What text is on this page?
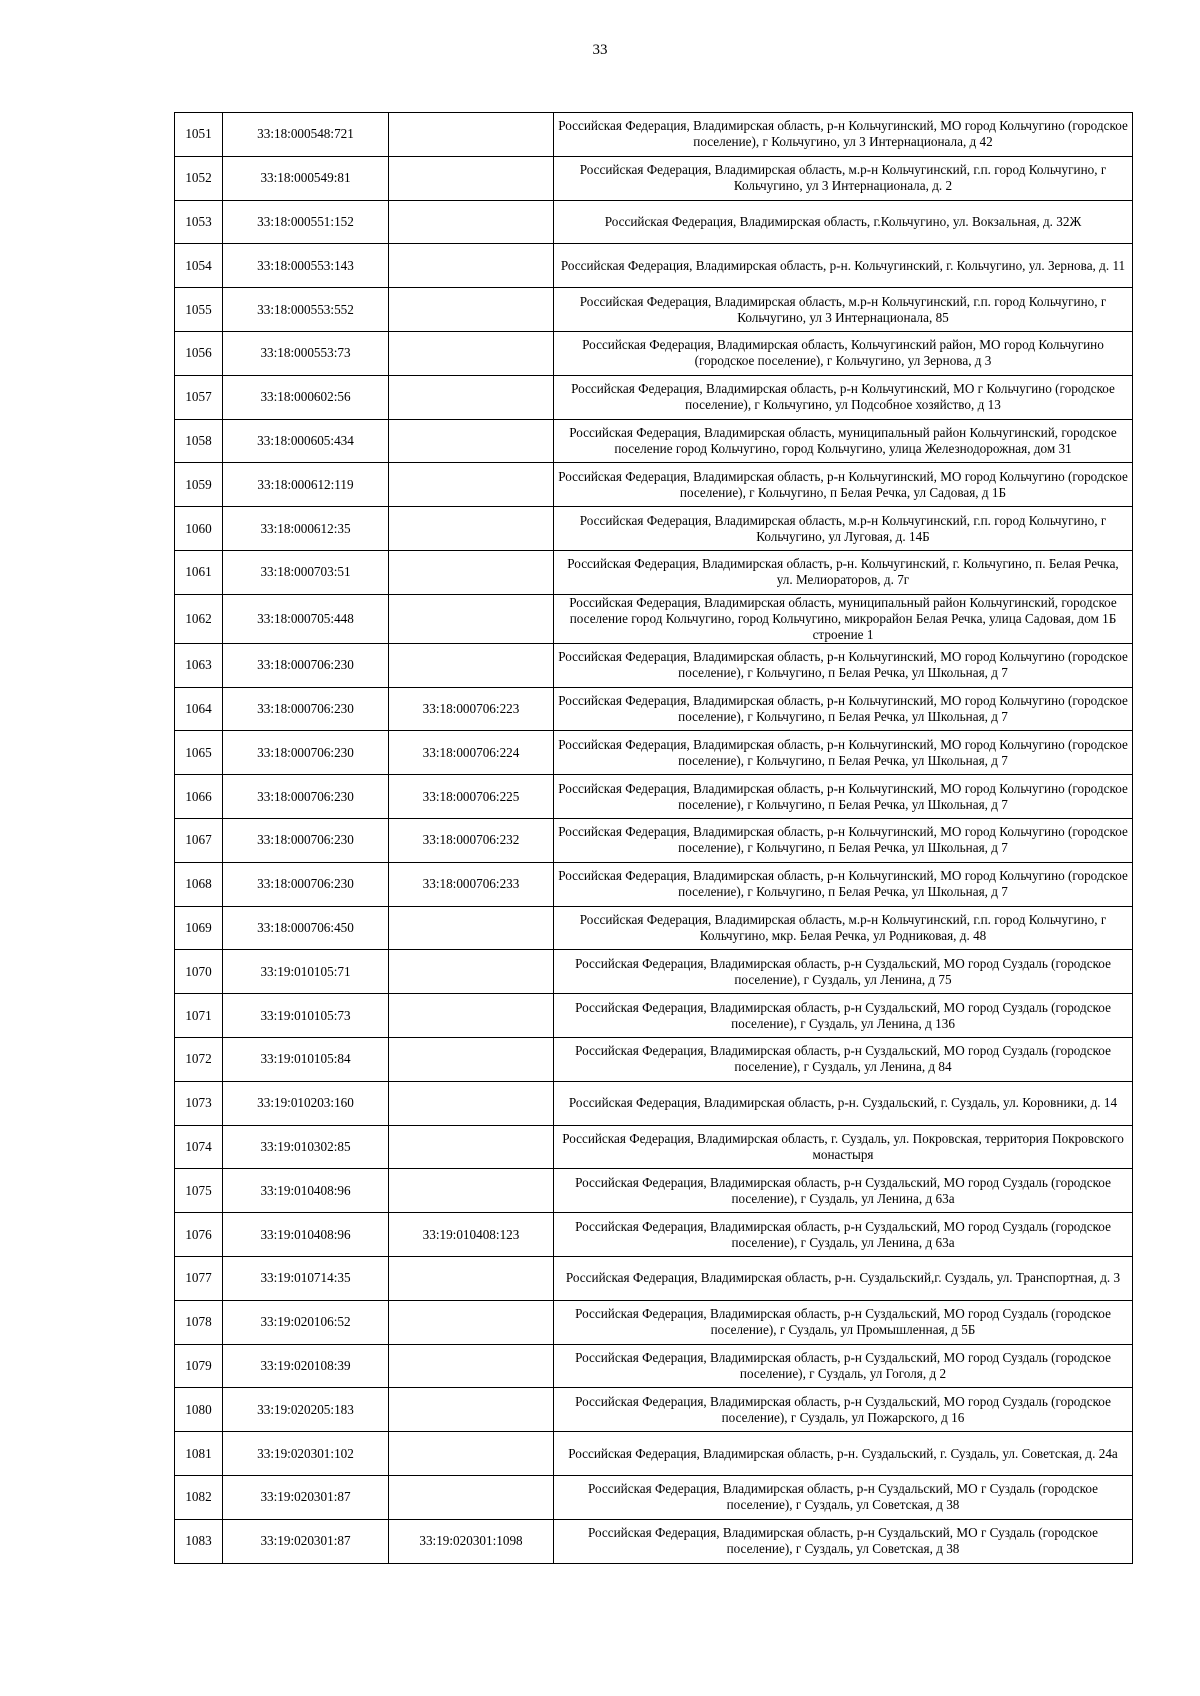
33
1051	33:18:000548:721		Российская Федерация, Владимирская область, р-н Кольчугинский, МО город Кольчугино (городское поселение), г Кольчугино, ул 3 Интернационала, д 42
1052	33:18:000549:81		Российская Федерация, Владимирская область, м.р-н Кольчугинский, г.п. город Кольчугино, г Кольчугино, ул 3 Интернационала, д. 2
1053	33:18:000551:152		Российская Федерация, Владимирская область, г.Кольчугино, ул. Вокзальная, д. 32Ж
1054	33:18:000553:143		Российская Федерация, Владимирская область, р-н. Кольчугинский, г. Кольчугино, ул. Зернова, д. 11
1055	33:18:000553:552		Российская Федерация, Владимирская область, м.р-н Кольчугинский, г.п. город Кольчугино, г Кольчугино, ул 3 Интернационала, 85
1056	33:18:000553:73		Российская Федерация, Владимирская область, Кольчугинский район, МО город Кольчугино (городское поселение), г Кольчугино, ул Зернова, д 3
1057	33:18:000602:56		Российская Федерация, Владимирская область, р-н Кольчугинский, МО г Кольчугино (городское поселение), г Кольчугино, ул Подсобное хозяйство, д 13
1058	33:18:000605:434		Российская Федерация, Владимирская область, муниципальный район Кольчугинский, городское поселение город Кольчугино, город Кольчугино, улица Железнодорожная, дом 31
1059	33:18:000612:119		Российская Федерация, Владимирская область, р-н Кольчугинский, МО город Кольчугино (городское поселение), г Кольчугино, п Белая Речка, ул Садовая, д 1Б
1060	33:18:000612:35		Российская Федерация, Владимирская область, м.р-н Кольчугинский, г.п. город Кольчугино, г Кольчугино, ул Луговая, д. 14Б
1061	33:18:000703:51		Российская Федерация, Владимирская область, р-н. Кольчугинский, г. Кольчугино, п. Белая Речка, ул. Мелиораторов, д. 7г
1062	33:18:000705:448		Российская Федерация, Владимирская область, муниципальный район Кольчугинский, городское поселение город Кольчугино, город Кольчугино, микрорайон Белая Речка, улица Садовая, дом 1Б строение 1
1063	33:18:000706:230		Российская Федерация, Владимирская область, р-н Кольчугинский, МО город Кольчугино (городское поселение), г Кольчугино, п Белая Речка, ул Школьная, д 7
1064	33:18:000706:230	33:18:000706:223	Российская Федерация, Владимирская область, р-н Кольчугинский, МО город Кольчугино (городское поселение), г Кольчугино, п Белая Речка, ул Школьная, д 7
1065	33:18:000706:230	33:18:000706:224	Российская Федерация, Владимирская область, р-н Кольчугинский, МО город Кольчугино (городское поселение), г Кольчугино, п Белая Речка, ул Школьная, д 7
1066	33:18:000706:230	33:18:000706:225	Российская Федерация, Владимирская область, р-н Кольчугинский, МО город Кольчугино (городское поселение), г Кольчугино, п Белая Речка, ул Школьная, д 7
1067	33:18:000706:230	33:18:000706:232	Российская Федерация, Владимирская область, р-н Кольчугинский, МО город Кольчугино (городское поселение), г Кольчугино, п Белая Речка, ул Школьная, д 7
1068	33:18:000706:230	33:18:000706:233	Российская Федерация, Владимирская область, р-н Кольчугинский, МО город Кольчугино (городское поселение), г Кольчугино, п Белая Речка, ул Школьная, д 7
1069	33:18:000706:450		Российская Федерация, Владимирская область, м.р-н Кольчугинский, г.п. город Кольчугино, г Кольчугино, мкр. Белая Речка, ул Родниковая, д. 48
1070	33:19:010105:71		Российская Федерация, Владимирская область, р-н Суздальский, МО город Суздаль (городское поселение), г Суздаль, ул Ленина, д 75
1071	33:19:010105:73		Российская Федерация, Владимирская область, р-н Суздальский, МО город Суздаль (городское поселение), г Суздаль, ул Ленина, д 136
1072	33:19:010105:84		Российская Федерация, Владимирская область, р-н Суздальский, МО город Суздаль (городское поселение), г Суздаль, ул Ленина, д 84
1073	33:19:010203:160		Российская Федерация, Владимирская область, р-н. Суздальский, г. Суздаль, ул. Коровники, д. 14
1074	33:19:010302:85		Российская Федерация, Владимирская область, г. Суздаль, ул. Покровская, территория Покровского монастыря
1075	33:19:010408:96		Российская Федерация, Владимирская область, р-н Суздальский, МО город Суздаль (городское поселение), г Суздаль, ул Ленина, д 63а
1076	33:19:010408:96	33:19:010408:123	Российская Федерация, Владимирская область, р-н Суздальский, МО город Суздаль (городское поселение), г Суздаль, ул Ленина, д 63а
1077	33:19:010714:35		Российская Федерация, Владимирская область, р-н. Суздальский,г. Суздаль, ул. Транспортная, д. 3
1078	33:19:020106:52		Российская Федерация, Владимирская область, р-н Суздальский, МО город Суздаль (городское поселение), г Суздаль, ул Промышленная, д 5Б
1079	33:19:020108:39		Российская Федерация, Владимирская область, р-н Суздальский, МО город Суздаль (городское поселение), г Суздаль, ул Гоголя, д 2
1080	33:19:020205:183		Российская Федерация, Владимирская область, р-н Суздальский, МО город Суздаль (городское поселение), г Суздаль, ул Пожарского, д 16
1081	33:19:020301:102		Российская Федерация, Владимирская область, р-н. Суздальский, г. Суздаль, ул. Советская, д. 24а
1082	33:19:020301:87		Российская Федерация, Владимирская область, р-н Суздальский, МО г Суздаль (городское поселение), г Суздаль, ул Советская, д 38
1083	33:19:020301:87	33:19:020301:1098	Российская Федерация, Владимирская область, р-н Суздальский, МО г Суздаль (городское поселение), г Суздаль, ул Советская, д 38
